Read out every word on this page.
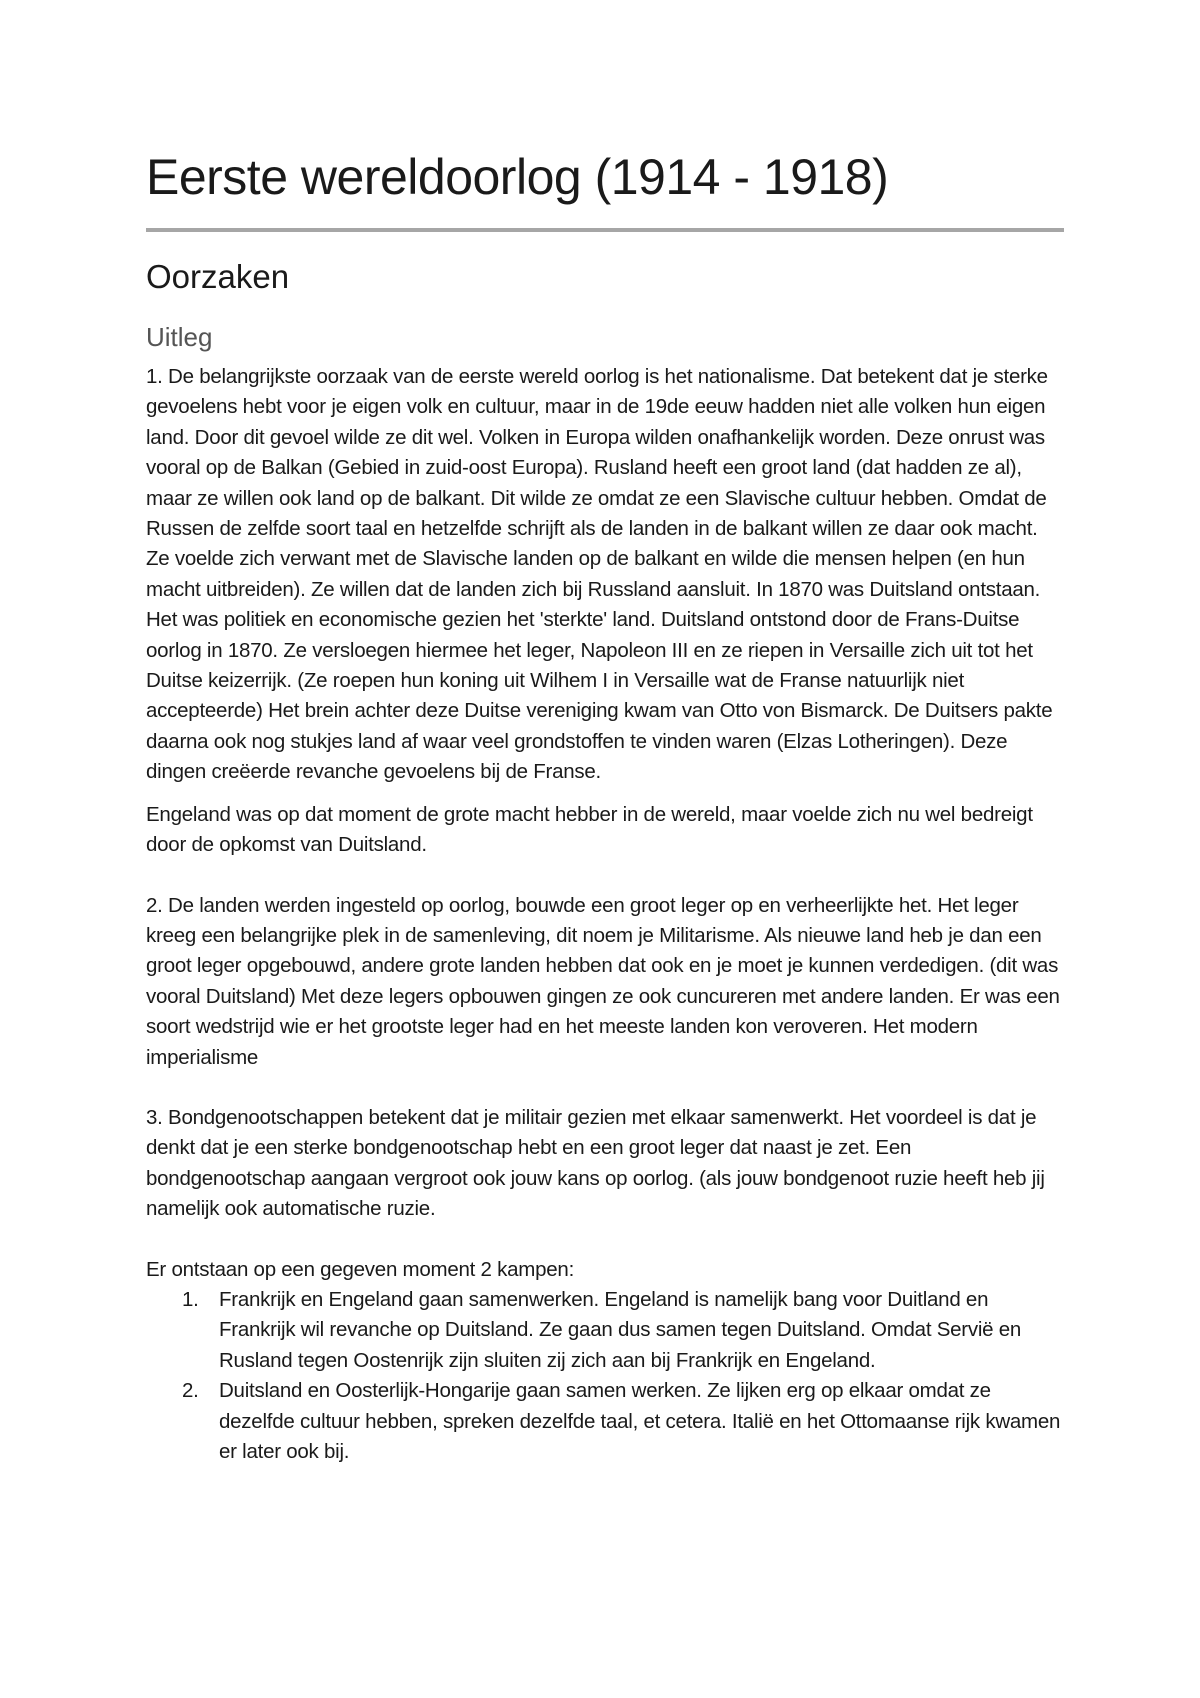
Eerste wereldoorlog (1914 - 1918)
Oorzaken
Uitleg

1. De belangrijkste oorzaak van de eerste wereld oorlog is het nationalisme. Dat betekent dat je sterke gevoelens hebt voor je eigen volk en cultuur, maar in de 19de eeuw hadden niet alle volken hun eigen land. Door dit gevoel wilde ze dit wel. Volken in Europa wilden onafhankelijk worden. Deze onrust was vooral op de Balkan (Gebied in zuid-oost Europa). Rusland heeft een groot land (dat hadden ze al), maar ze willen ook land op de balkant. Dit wilde ze omdat ze een Slavische cultuur hebben. Omdat de Russen de zelfde soort taal en hetzelfde schrijft als de landen in de balkant willen ze daar ook macht. Ze voelde zich verwant met de Slavische landen op de balkant en wilde die mensen helpen (en hun macht uitbreiden). Ze willen dat de landen zich bij Russland aansluit. In 1870 was Duitsland ontstaan. Het was politiek en economische gezien het 'sterkte' land. Duitsland ontstond door de Frans-Duitse oorlog in 1870. Ze versloegen hiermee het leger, Napoleon III en ze riepen in Versaille zich uit tot het Duitse keizerrijk. (Ze roepen hun koning uit Wilhem I in Versaille wat de Franse natuurlijk niet accepteerde) Het brein achter deze Duitse vereniging kwam van Otto von Bismarck. De Duitsers pakte daarna ook nog stukjes land af waar veel grondstoffen te vinden waren (Elzas Lotheringen). Deze dingen creëerde revanche gevoelens bij de Franse.

Engeland was op dat moment de grote macht hebber in de wereld, maar voelde zich nu wel bedreigt door de opkomst van Duitsland.

2. De landen werden ingesteld op oorlog, bouwde een groot leger op en verheerlijkte het. Het leger kreeg een belangrijke plek in de samenleving, dit noem je Militarisme. Als nieuwe land heb je dan een groot leger opgebouwd, andere grote landen hebben dat ook en je moet je kunnen verdedigen. (dit was vooral Duitsland) Met deze legers opbouwen gingen ze ook cuncureren met andere landen. Er was een soort wedstrijd wie er het grootste leger had en het meeste landen kon veroveren. Het modern imperialisme

3. Bondgenootschappen betekent dat je militair gezien met elkaar samenwerkt. Het voordeel is dat je denkt dat je een sterke bondgenootschap hebt en een groot leger dat naast je zet. Een bondgenootschap aangaan vergroot ook jouw kans op oorlog. (als jouw bondgenoot ruzie heeft heb jij namelijk ook automatische ruzie.

Er ontstaan op een gegeven moment 2 kampen:

1. Frankrijk en Engeland gaan samenwerken. Engeland is namelijk bang voor Duitland en Frankrijk wil revanche op Duitsland. Ze gaan dus samen tegen Duitsland. Omdat Servië en Rusland tegen Oostenrijk zijn sluiten zij zich aan bij Frankrijk en Engeland.
2. Duitsland en Oosterlijk-Hongarije gaan samen werken. Ze lijken erg op elkaar omdat ze dezelfde cultuur hebben, spreken dezelfde taal, et cetera. Italië en het Ottomaanse rijk kwamen er later ook bij.
